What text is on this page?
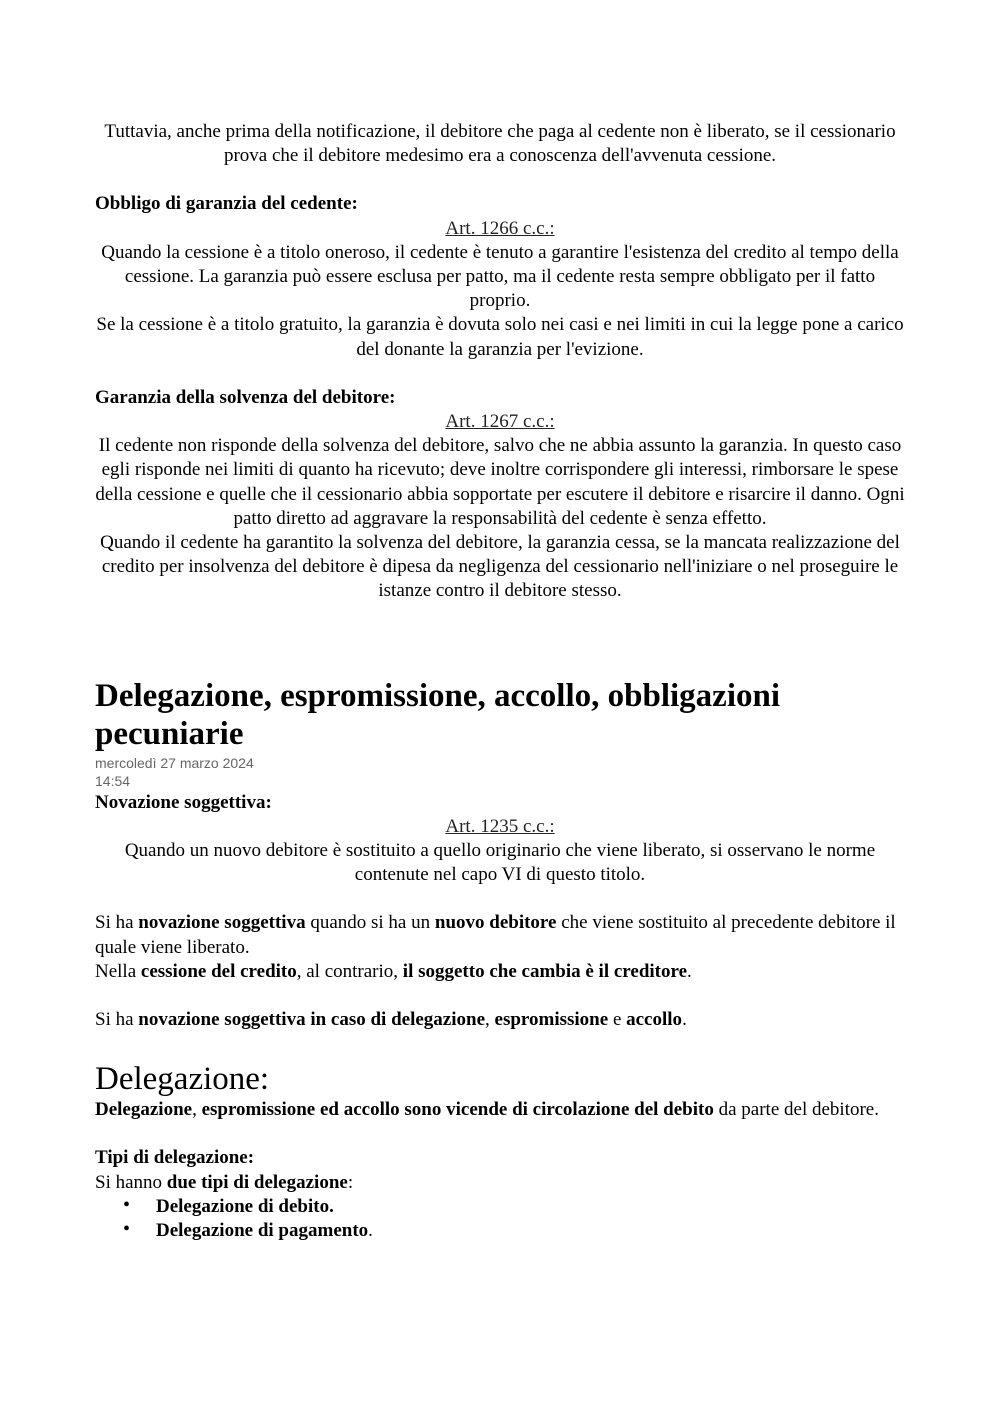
Tuttavia, anche prima della notificazione, il debitore che paga al cedente non è liberato, se il cessionario prova che il debitore medesimo era a conoscenza dell'avvenuta cessione.

Obbligo di garanzia del cedente:
Art. 1266 c.c.:

Quando la cessione è a titolo oneroso, il cedente è tenuto a garantire l'esistenza del credito al tempo della cessione. La garanzia può essere esclusa per patto, ma il cedente resta sempre obbligato per il fatto proprio.

Se la cessione è a titolo gratuito, la garanzia è dovuta solo nei casi e nei limiti in cui la legge pone a carico del donante la garanzia per l'evizione.

Garanzia della solvenza del debitore:
Art. 1267 c.c.:

Il cedente non risponde della solvenza del debitore, salvo che ne abbia assunto la garanzia. In questo caso egli risponde nei limiti di quanto ha ricevuto; deve inoltre corrispondere gli interessi, rimborsare le spese della cessione e quelle che il cessionario abbia sopportate per escutere il debitore e risarcire il danno. Ogni patto diretto ad aggravare la responsabilità del cedente è senza effetto.

Quando il cedente ha garantito la solvenza del debitore, la garanzia cessa, se la mancata realizzazione del credito per insolvenza del debitore è dipesa da negligenza del cessionario nell'iniziare o nel proseguire le istanze contro il debitore stesso.

Delegazione, espromissione, accollo, obbligazioni pecuniarie
mercoledì 27 marzo 2024
14:54
Novazione soggettiva:
Art. 1235 c.c.:

Quando un nuovo debitore è sostituito a quello originario che viene liberato, si osservano le norme contenute nel capo VI di questo titolo.

Si ha novazione soggettiva quando si ha un nuovo debitore che viene sostituito al precedente debitore il quale viene liberato.

Nella cessione del credito, al contrario, il soggetto che cambia è il creditore.

Si ha novazione soggettiva in caso di delegazione, espromissione e accollo.

Delegazione:

Delegazione, espromissione ed accollo sono vicende di circolazione del debito da parte del debitore.

Tipi di delegazione:

Si hanno due tipi di delegazione:

• Delegazione di debito.
• Delegazione di pagamento.
